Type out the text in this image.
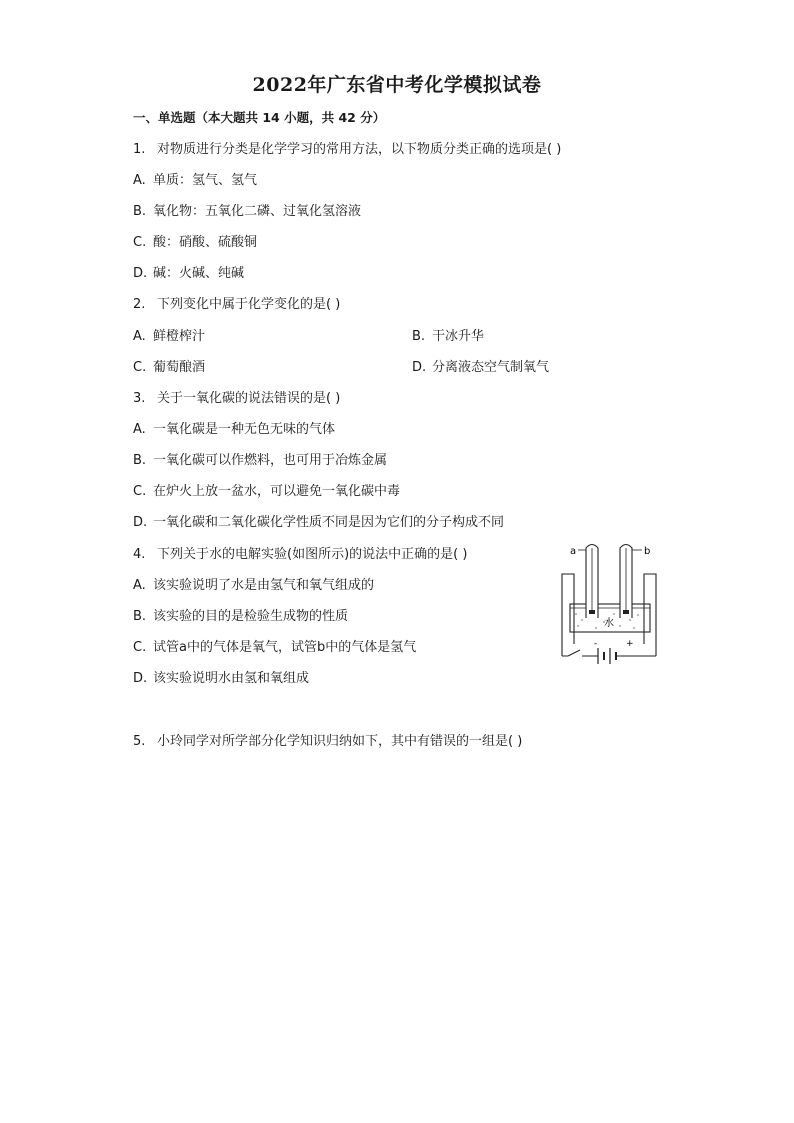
2022年广东省中考化学模拟试卷
一、单选题（本大题共 14 小题，共 42 分）
1. 对物质进行分类是化学学习的常用方法，以下物质分类正确的选项是( )
A. 单质：氢气、氢气
B. 氧化物：五氧化二磷、过氧化氢溶液
C. 酸：硝酸、硫酸铜
D. 碱：火碱、纯碱
2. 下列变化中属于化学变化的是( )
A. 鲜橙榨汁	B. 干冰升华
C. 葡萄酿酒	D. 分离液态空气制氧气
3. 关于一氧化碳的说法错误的是( )
A. 一氧化碳是一种无色无味的气体
B. 一氧化碳可以作燃料，也可用于冶炼金属
C. 在炉火上放一盆水，可以避免一氧化碳中毒
D. 一氧化碳和二氧化碳化学性质不同是因为它们的分子构成不同
4. 下列关于水的电解实验(如图所示)的说法中正确的是( )
A. 该实验说明了水是由氢气和氧气组成的
B. 该实验的目的是检验生成物的性质
C. 试管a中的气体是氧气，试管b中的气体是氢气
D. 该实验说明水由氢和氧组成
a	b
水
-	+
5. 小玲同学对所学部分化学知识归纳如下，其中有错误的一组是( )
